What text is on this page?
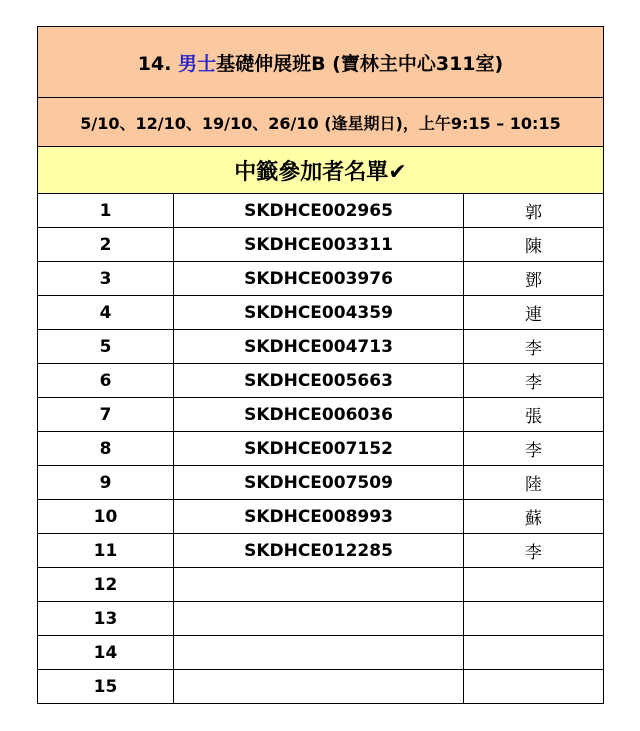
14. 男士基礎伸展班B (寶林主中心311室)		
5/10、12/10、19/10、26/10 (逢星期日)，上午9:15 – 10:15		
中籤參加者名單✔		
1	SKDHCE002965	郭
2	SKDHCE003311	陳
3	SKDHCE003976	鄧
4	SKDHCE004359	連
5	SKDHCE004713	李
6	SKDHCE005663	李
7	SKDHCE006036	張
8	SKDHCE007152	李
9	SKDHCE007509	陸
10	SKDHCE008993	蘇
11	SKDHCE012285	李
12		
13		
14		
15		
